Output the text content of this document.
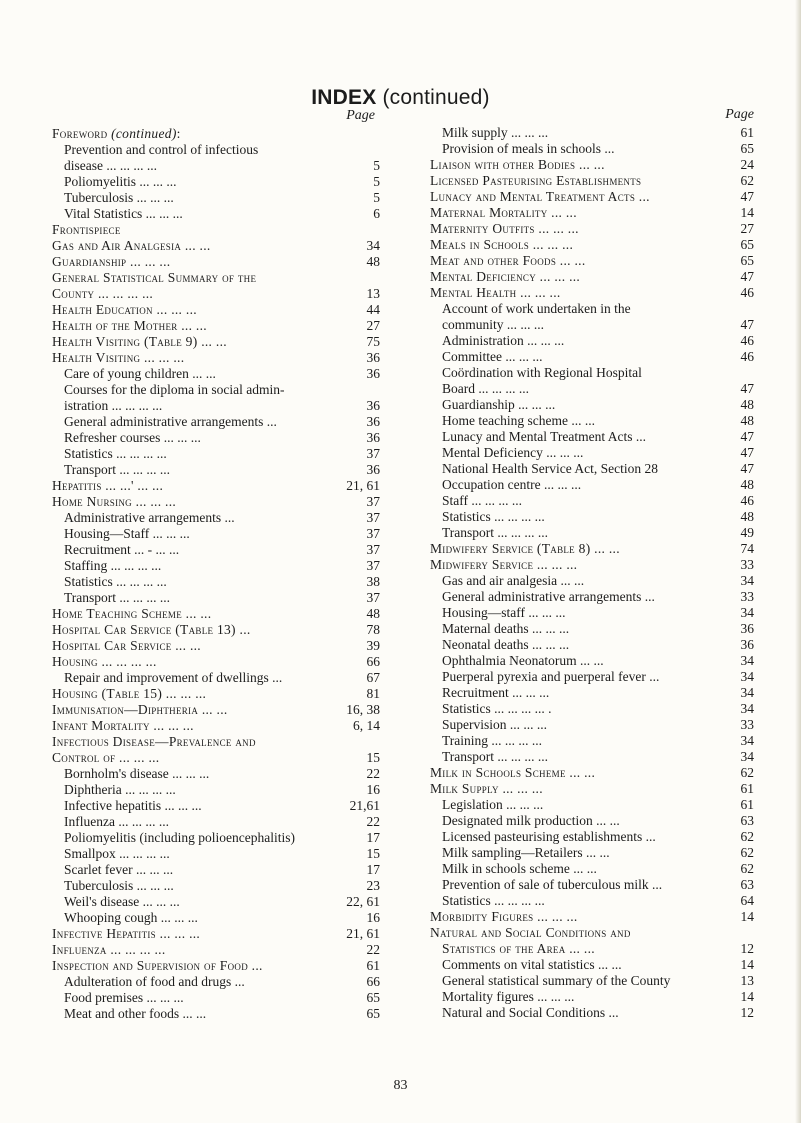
INDEX (continued)
Page
Foreword (continued):
Prevention and control of infectious
disease ... ... ... ...	5
Poliomyelitis ... ... ...	5
Tuberculosis ... ... ...	5
Vital Statistics ... ... ...	6
Frontispiece
Gas and Air Analgesia ... ...	34
Guardianship ... ... ...	48
General Statistical Summary of the
County ... ... ... ...	13
Health Education ... ... ...	44
Health of the Mother ... ...	27
Health Visiting (Table 9) ... ...	75
Health Visiting ... ... ...	36
Care of young children ... ...	36
Courses for the diploma in social admin-
istration ... ... ... ...	36
General administrative arrangements ...	36
Refresher courses ... ... ...	36
Statistics ... ... ... ...	37
Transport ... ... ... ...	36
Hepatitis ... ...' ... ...	21, 61
Home Nursing ... ... ...	37
Administrative arrangements ...	37
Housing—Staff ... ... ...	37
Recruitment ... - ... ...	37
Staffing ... ... ... ...	37
Statistics ... ... ... ...	38
Transport ... ... ... ...	37
Home Teaching Scheme ... ...	48
Hospital Car Service (Table 13) ...	78
Hospital Car Service ... ...	39
Housing ... ... ... ...	66
Repair and improvement of dwellings ...	67
Housing (Table 15) ... ... ...	81
Immunisation—Diphtheria ... ...	16, 38
Infant Mortality ... ... ...	6, 14
Infectious Disease—Prevalence and
Control of ... ... ...	15
Bornholm's disease ... ... ...	22
Diphtheria ... ... ... ...	16
Infective hepatitis ... ... ...	21,61
Influenza ... ... ... ...	22
Poliomyelitis (including polioencephalitis)	17
Smallpox ... ... ... ...	15
Scarlet fever ... ... ...	17
Tuberculosis ... ... ...	23
Weil's disease ... ... ...	22, 61
Whooping cough ... ... ...	16
Infective Hepatitis ... ... ...	21, 61
Influenza ... ... ... ...	22
Inspection and Supervision of Food ...	61
Adulteration of food and drugs ...	66
Food premises ... ... ...	65
Meat and other foods ... ...	65
Page
Milk supply ... ... ...	61
Provision of meals in schools ...	65
Liaison with other Bodies ... ...	24
Licensed Pasteurising Establishments	62
Lunacy and Mental Treatment Acts ...	47
Maternal Mortality ... ...	14
Maternity Outfits ... ... ...	27
Meals in Schools ... ... ...	65
Meat and other Foods ... ...	65
Mental Deficiency ... ... ...	47
Mental Health ... ... ...	46
Account of work undertaken in the
community ... ... ...	47
Administration ... ... ...	46
Committee ... ... ...	46
Coördination with Regional Hospital
Board ... ... ... ...	47
Guardianship ... ... ...	48
Home teaching scheme ... ...	48
Lunacy and Mental Treatment Acts ...	47
Mental Deficiency ... ... ...	47
National Health Service Act, Section 28	47
Occupation centre ... ... ...	48
Staff ... ... ... ...	46
Statistics ... ... ... ...	48
Transport ... ... ... ...	49
Midwifery Service (Table 8) ... ...	74
Midwifery Service ... ... ...	33
Gas and air analgesia ... ...	34
General administrative arrangements ...	33
Housing—staff ... ... ...	34
Maternal deaths ... ... ...	36
Neonatal deaths ... ... ...	36
Ophthalmia Neonatorum ... ...	34
Puerperal pyrexia and puerperal fever ...	34
Recruitment ... ... ...	34
Statistics ... ... ... ... .	34
Supervision ... ... ...	33
Training ... ... ... ...	34
Transport ... ... ... ...	34
Milk in Schools Scheme ... ...	62
Milk Supply ... ... ...	61
Legislation ... ... ...	61
Designated milk production ... ...	63
Licensed pasteurising establishments ...	62
Milk sampling—Retailers ... ...	62
Milk in schools scheme ... ...	62
Prevention of sale of tuberculous milk ...	63
Statistics ... ... ... ...	64
Morbidity Figures ... ... ...	14
Natural and Social Conditions and
Statistics of the Area ... ...	12
Comments on vital statistics ... ...	14
General statistical summary of the County	13
Mortality figures ... ... ...	14
Natural and Social Conditions ...	12
83
